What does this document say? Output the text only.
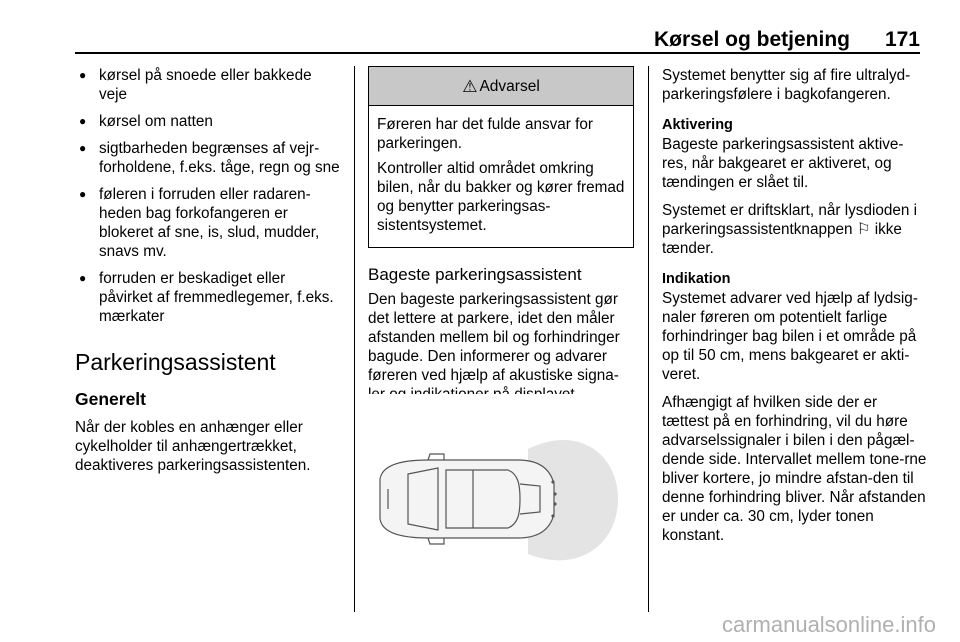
Kørsel og betjening 171
● kørsel på snoede eller bakkede veje
● kørsel om natten
● sigtbarheden begrænses af vejr-forholdene, f.eks. tåge, regn og sne
● føleren i forruden eller radaren-heden bag forkofangeren er blokeret af sne, is, slud, mudder, snavs mv.
● forruden er beskadiget eller påvirket af fremmedlegemer, f.eks. mærkater
Parkeringsassistent
Generelt

Når der kobles en anhænger eller cykelholder til anhængertrækket, deaktiveres parkeringsassistenten.

⚠ Advarsel

Føreren har det fulde ansvar for parkeringen.

Kontroller altid området omkring bilen, når du bakker og kører fremad og benytter parkeringsas-sistentsystemet.

Bageste parkeringsassistent

Den bageste parkeringsassistent gør det lettere at parkere, idet den måler afstanden mellem bil og forhindringer bagude. Den informerer og advarer føreren ved hjælp af akustiske signa-

Systemet benytter sig af fire ultralyd-parkeringsfølere i bagkofangeren.

Aktivering

Bageste parkeringsassistent aktive-res, når bakgearet er aktiveret, og tændingen er slået til.

Systemet er driftsklart, når lysdioden i parkeringsassistentknappen ⚐ ikke tænder.

Indikation

Systemet advarer ved hjælp af lydsig-naler føreren om potentielt farlige forhindringer bag bilen i et område på op til 50 cm, mens bakgearet er akti-veret.

Afhængigt af hvilken side der er tættest på en forhindring, vil du høre advarselssignaler i bilen i den pågæl-dende side. Intervallet mellem tone-rne bliver kortere, jo mindre afstan-den til denne forhindring bliver. Når afstanden er under ca. 30 cm, lyder tonen konstant.

carmanualsonline.info
